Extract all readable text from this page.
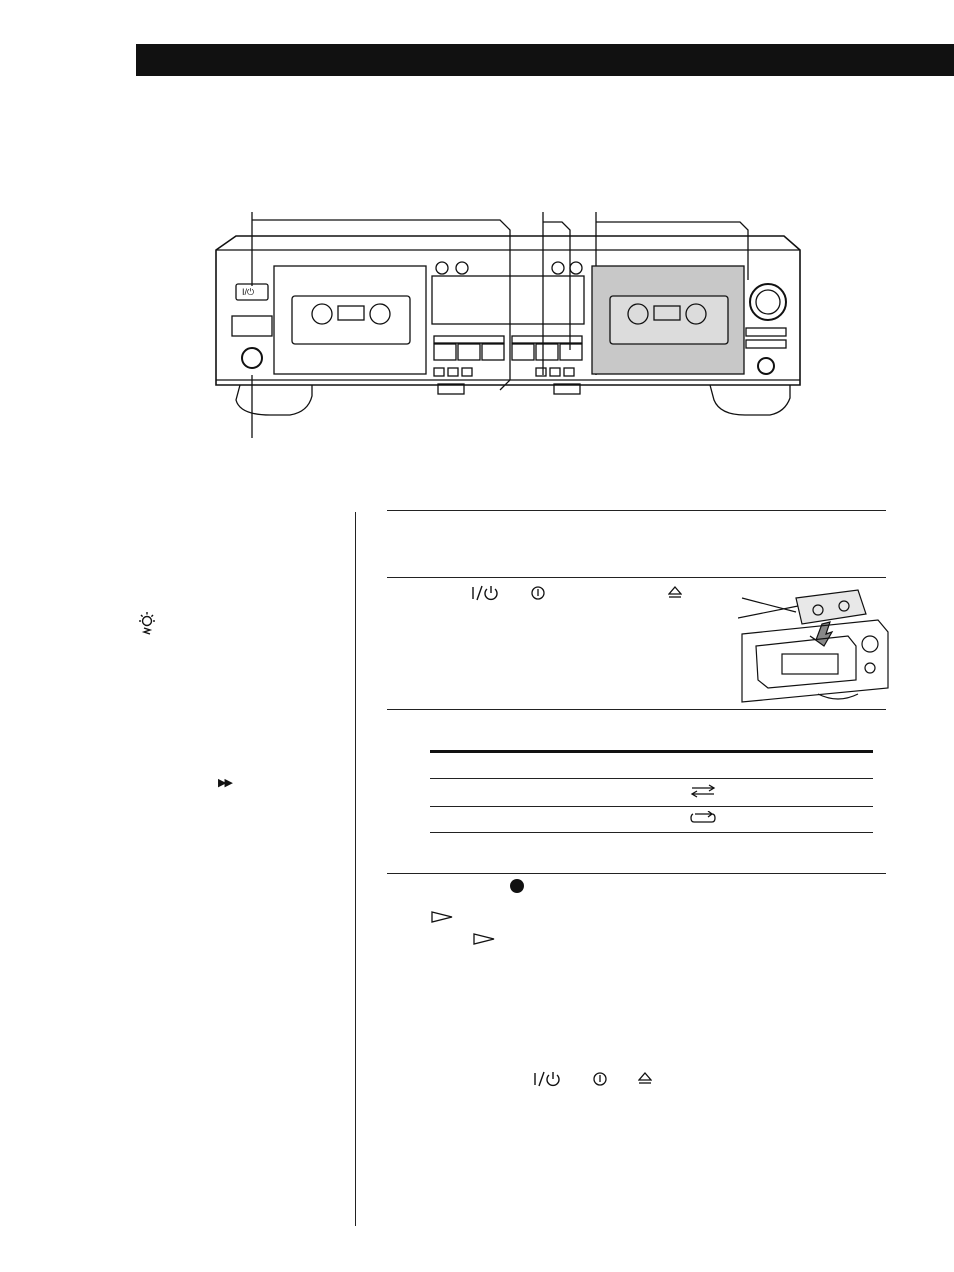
I/⏻
▶▶
